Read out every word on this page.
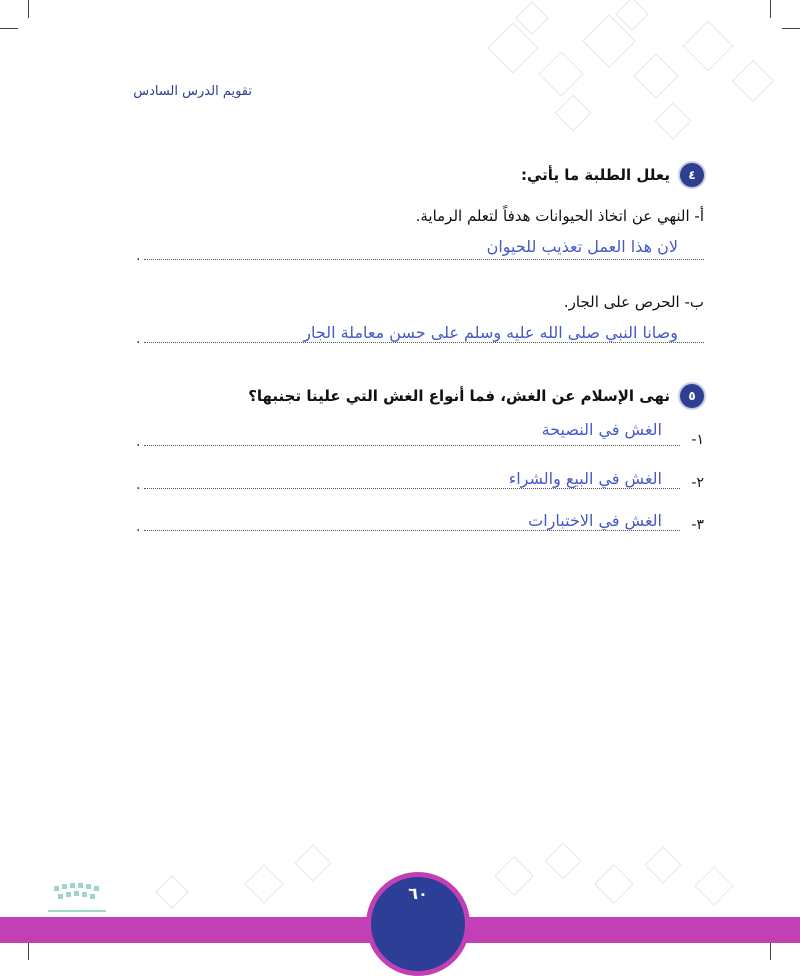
تقويم الدرس السادس
٤
يعلل الطلبة ما يأتي:
أ- النهي عن اتخاذ الحيوانات هدفاً لتعلم الرماية.
لان هذا العمل تعذيب للحيوان
.
ب- الحرص على الجار.
وصانا النبي صلى الله عليه وسلم على حسن معاملة الجار
.
٥
نهى الإسلام عن الغش، فما أنواع الغش التي علينا تجنبها؟
١-
الغش في النصيحة
.
٢-
الغش في البيع والشراء
.
٣-
الغش في الاختبارات
.
٦٠
